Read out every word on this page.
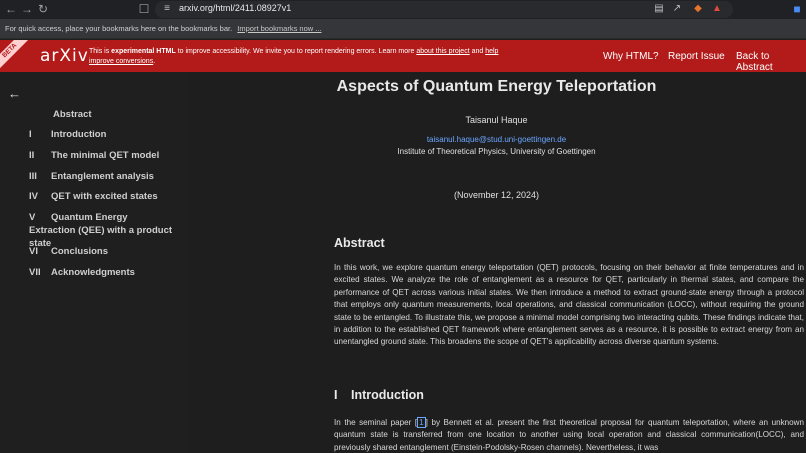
← → ↻	☐	≡	arxiv.org/html/2411.08927v1	▤ ↗ ◆ ▲	■
For quick access, place your bookmarks here on the bookmarks bar. Import bookmarks now ...
BETA	arXiv This is experimental HTML to improve accessibility. We invite you to report rendering errors. Learn more about this project and help improve conversions.	Why HTML? Report Issue Back to Abstract
←
Abstract
I Introduction
II The minimal QET model
III Entanglement analysis
IV QET with excited states
V Quantum Energy Extraction (QEE) with a product state
VI Conclusions
VII Acknowledgments
Aspects of Quantum Energy Teleportation
Taisanul Haque
taisanul.haque@stud.uni-goettingen.de
Institute of Theoretical Physics, University of Goettingen
(November 12, 2024)
Abstract
In this work, we explore quantum energy teleportation (QET) protocols, focusing on their behavior at finite temperatures and in excited states. We analyze the role of entanglement as a resource for QET, particularly in thermal states, and compare the performance of QET across various initial states. We then introduce a method to extract ground-state energy through a protocol that employs only quantum measurements, local operations, and classical communication (LOCC), without requiring the ground state to be entangled. To illustrate this, we propose a minimal model comprising two interacting qubits. These findings indicate that, in addition to the established QET framework where entanglement serves as a resource, it is possible to extract energy from an unentangled ground state. This broadens the scope of QET’s applicability across diverse quantum systems.
I Introduction
In the seminal paper [ 1 ] by Bennett et al. present the first theoretical proposal for quantum teleportation, where an unknown quantum state is transferred from one location to another using local operation and classical communication(LOCC), and previously shared entanglement (Einstein-Podolsky-Rosen channels). Nevertheless, it was
